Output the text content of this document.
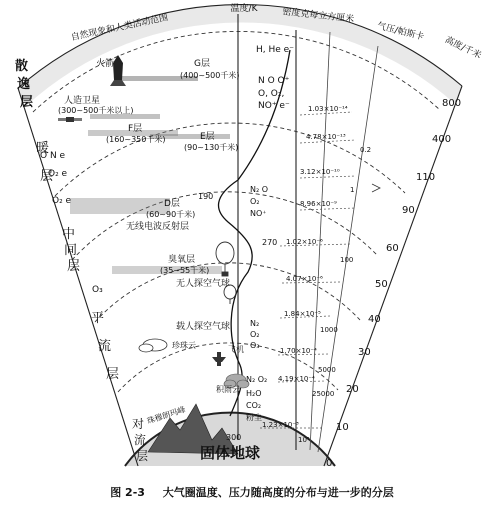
自然现象和人类活动范围
温度/K	密度克每立方厘米
气压/帕斯卡
高度/千米
散
逸
层
暖
层
中
间
层
平
流
层
对
流
层
G层
(400~500千米)
F层
(160~350千米)	E层
(90~130千米)
D层
(60~90千米)
臭氧层
(35~55千米)
火箭
人造卫星
(300~500千米以上)
无线电波反射层
无人探空气球
载人探空气球
珍珠云	飞机
积雨云
珠穆朗玛峰
固体地球
H, He e⁻
N O O⁺
O, O₂,
NO⁺ e⁻
O N e
O₂ e
O₂ e
N₂ O
O₂
NO⁺
O₃
N₂
O₂
O₃
N₂ O₂
H₂O
CO₂
粉尘
190
270
300
1.03×10⁻¹⁴
4.78×10⁻¹³
3.12×10⁻¹⁰
8.96×10⁻⁹
1.02×10⁻⁶
4.07×10⁻⁶
1.84×10⁻⁵
1.70×10⁻⁴
4.19×10⁻⁴
1.23×10⁻³
0.2
1
100
1000
5000
25000
10⁵
800
400
110
90
60
50
40
30
20
10
0
图 2-3 大气圈温度、压力随高度的分布与进一步的分层
